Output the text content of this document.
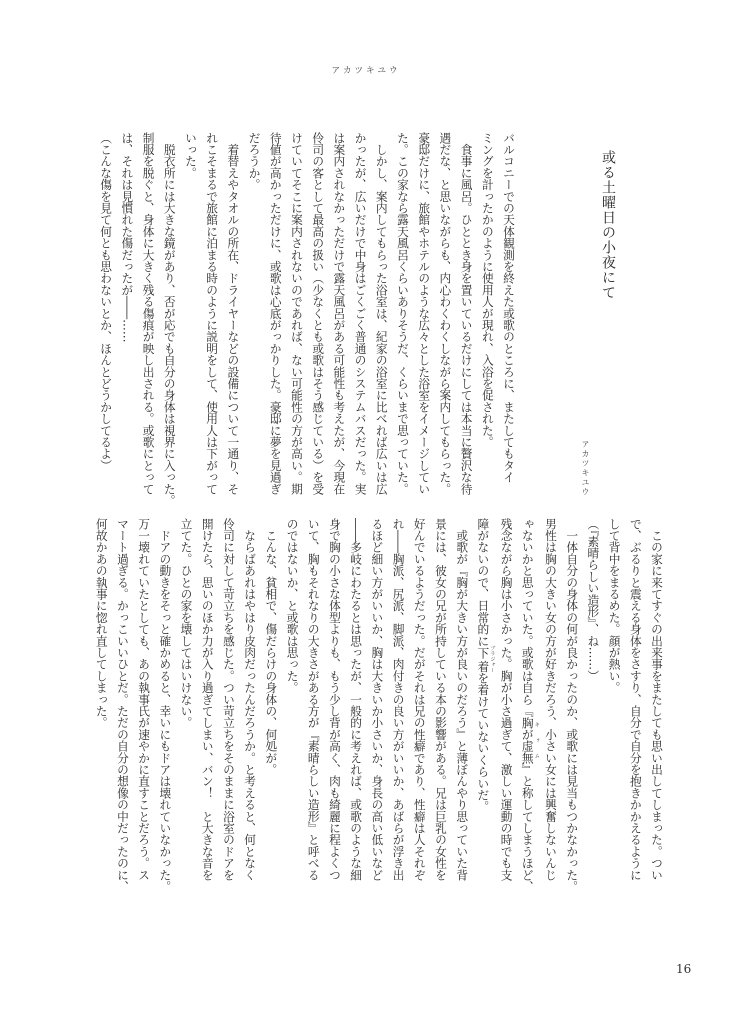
アカツキユウ
或る土曜日の小夜にて
アカツキユウ
バルコニーでの天体観測を終えた或歌のところに、またしてもタイ
ミングを計ったかのように使用人が現れ、入浴を促された。
　食事に風呂。ひととき身を置いているだけにしては本当に贅沢な待
遇だな、と思いながらも、内心わくわくしながら案内してもらった。
豪邸だけに、旅館やホテルのような広々とした浴室をイメージしてい
た。この家なら露天風呂くらいありそうだ、くらいまで思っていた。
　しかし、案内してもらった浴室は、紀家の浴室に比べれば広いは広
かったが、広いだけで中身はごくごく普通のシステムバスだった。実
は案内されなかっただけで露天風呂がある可能性も考えたが、今現在
伶司の客として最高の扱い（少なくとも或歌はそう感じている）を受
けていてそこに案内されないのであれば、ない可能性の方が高い。期
待値が高かっただけに、或歌は心底がっかりした。豪邸に夢を見過ぎ
だろうか。
　着替えやタオルの所在、ドライヤーなどの設備について一通り、そ
れこそまるで旅館に泊まる時のように説明をして、使用人は下がって
いった。
　脱衣所には大きな鏡があり、否が応でも自分の身体は視界に入った。
制服を脱ぐと、身体に大きく残る傷痕が映し出される。或歌にとって
は、それは見慣れた傷だったが――……
（こんな傷を見て何とも思わないとか、ほんとどうかしてるよ）
　この家に来てすぐの出来事をまたしても思い出してしまった。つい
で、ぶるりと震える身体をさすり、自分で自分を抱きかかえるように
して背中をまるめた。顔が熱い。
（『素晴らしい造形』、ね……）
　一体自分の身体の何が良かったのか、或歌には見当もつかなかった。
男性は胸の大きい女の方が好きだろう、小さい女には興奮しないんじ
ゃないかと思っていた。或歌は自ら『胸が虚無 キョム』と称してしまうほど、
残念ながら胸は小さかった。胸が小さ過ぎて、激しい運動の時でも支
障がないので、日常的に下着 ブラジャーを着けていないくらいだ。
　或歌が『胸が大きい方が良いのだろう』と薄ぼんやり思っていた背
景には、彼女の兄が所持している本の影響がある。兄は巨乳の女性を
好んでいるようだった。だがそれは兄の性癖であり、性癖は人それぞ
れ――胸派、尻派、脚派、肉付きの良い方がいいか、あばらが浮き出
るほど細い方がいいか、胸は大きいか小さいか、身長の高い低いなど
――多岐にわたるとは思ったが、一般的に考えれば、或歌のような細
身で胸の小さな体型よりも、もう少し背が高く、肉も綺麗に程よくつ
いて、胸もそれなりの大きさがある方が『素晴らしい造形』と呼べる
のではないか、と或歌は思った。
　こんな、貧相で、傷だらけの身体の、何処が。
　ならばあれはやはり皮肉だったんだろうか。と考えると、何となく
伶司に対して苛立ちを感じた。つい苛立ちをそのままに浴室のドアを
開けたら、思いのほか力が入り過ぎてしまい、バン！　と大きな音を
立てた。ひとの家を壊してはいけない。
　ドアの動きをそっと確かめると、幸いにもドアは壊れていなかった。
万一壊れていたとしても、あの執事氏が速やかに直すことだろう。ス
マート過ぎる。かっこいいひとだ。ただの自分の想像の中だったのに、
何故かあの執事に惚れ直してしまった。
16
